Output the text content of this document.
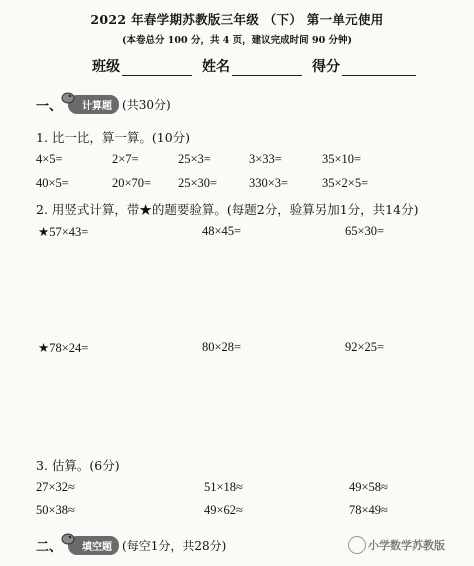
2022 年春学期苏教版三年级 （下） 第一单元使用
(本卷总分 100 分，共 4 页，建议完成时间 90 分钟)
班级	姓名	得分
一、	计算题 (共30分)
1. 比一比，算一算。(10分)
4×5=	2×7=	25×3=	3×33=	35×10=
40×5=	20×70= 25×30=	330×3=	35×2×5=
2. 用竖式计算，带★的题要验算。(每题2分，验算另加1分，共14分)
★57×43=	48×45=	65×30=
★78×24=	80×28=	92×25=
3. 估算。(6分)
27×32≈	51×18≈	49×58≈
50×38≈	49×62≈	78×49≈
二、	填空题 (每空1分，共28分)	小学数学苏教版
